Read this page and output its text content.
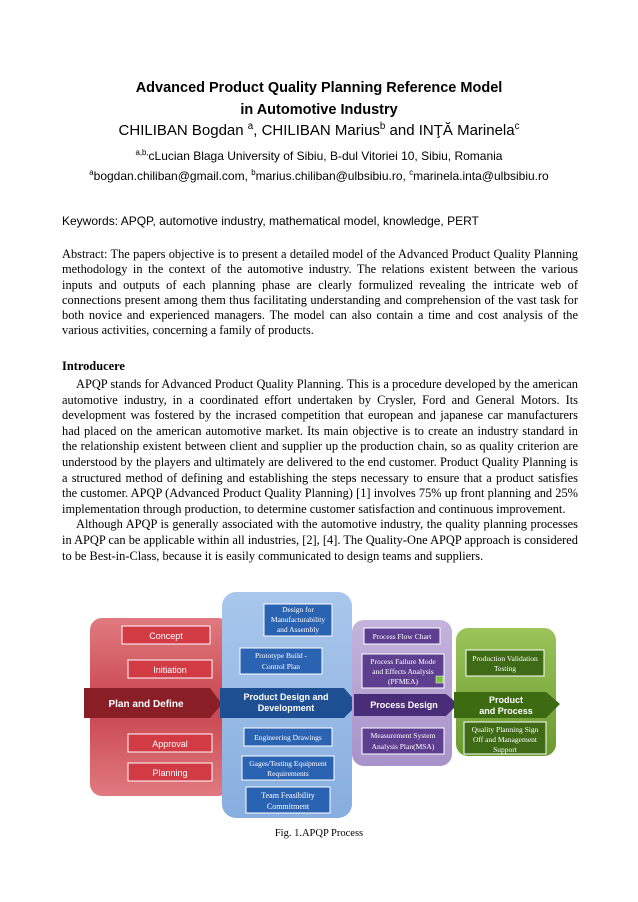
Advanced Product Quality Planning Reference Model
in Automotive Industry
CHILIBAN Bogdan $^a$, CHILIBAN Marius$^b$ and INŢĂ Marinela$^c$
$^{a,b,}$cLucian Blaga University of Sibiu, B-dul Vitoriei 10, Sibiu, Romania
$^a$bogdan.chiliban@gmail.com, $^b$marius.chiliban@ulbsibiu.ro, $^c$marinela.inta@ulbsibiu.ro
Keywords: APQP, automotive industry, mathematical model, knowledge, PERT
Abstract: The papers objective is to present a detailed model of the Advanced Product Quality Planning methodology in the context of the automotive industry. The relations existent between the various inputs and outputs of each planning phase are clearly formulized revealing the intricate web of connections present among them thus facilitating understanding and comprehension of the vast task for both novice and experienced managers. The model can also contain a time and cost analysis of the various activities, concerning a family of products.
Introducere

APQP stands for Advanced Product Quality Planning. This is a procedure developed by the american automotive industry, in a coordinated effort undertaken by Crysler, Ford and General Motors. Its development was fostered by the incrased competition that european and japanese car manufacturers had placed on the american automotive market. Its main objective is to create an industry standard in the relationship existent between client and supplier up the production chain, so as quality criterion are understood by the players and ultimately are delivered to the end customer. Product Quality Planning is a structured method of defining and establishing the steps necessary to ensure that a product satisfies the customer. APQP (Advanced Product Quality Planning) [1] involves 75% up front planning and 25% implementation through production, to determine customer satisfaction and continuous improvement.

Although APQP is generally associated with the automotive industry, the quality planning processes in APQP can be applicable within all industries, [2], [4]. The Quality-One APQP approach is considered to be Best-in-Class, because it is easily communicated to design teams and suppliers.

Concept
Initiation
Approval
Planning
Plan and Define
Design for
Manufacturability
and Assembly
Prototype Build -
Control Plan
Product Design and
Development
Engineering Drawings
Gages/Testing Equipment
Requirements
Team Feasibility
Commitment
Process Flow Chart
Process Failure Mode
and Effects Analysis
(PFMEA)
Process Design
Measurement System
Analysis Plan(MSA)
Production Validation
Testing
Product
and Process
Quality Planning Sign
Off and Management
Support
Fig. 1.APQP Process
